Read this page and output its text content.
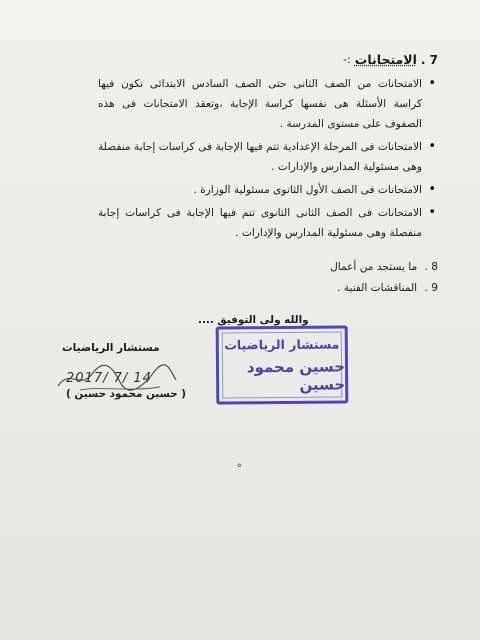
7 .
الامتحانات
:-
• الامتحانات من الصف الثانى حتى الصف السادس الابتدائى تكون فيها كراسة الأسئلة هى نفسها كراسة الإجابة ،وتعقد الامتحانات فى هذه الصفوف على مستوى المدرسة .
• الامتحانات فى المرحلة الإعدادية تتم فيها الإجابة فى كراسات إجابة منفصلة وهى مسئولية المدارس والإدارات .
• الامتحانات فى الصف الأول الثانوى مسئولية الوزارة .
• الامتحانات فى الصف الثانى الثانوى تتم فيها الإجابة فى كراسات إجابة منفصلة وهى مسئولية المدارس والإدارات .
8 . ما يستجد من أعمال
9 . المناقشات الفنية .
والله ولى التوفيق ....
مستشار الرياضيات
2017/ 7/ 14
( حسين محمود حسين )
مستشار الرياضيات
حسين محمود حسين
ه
